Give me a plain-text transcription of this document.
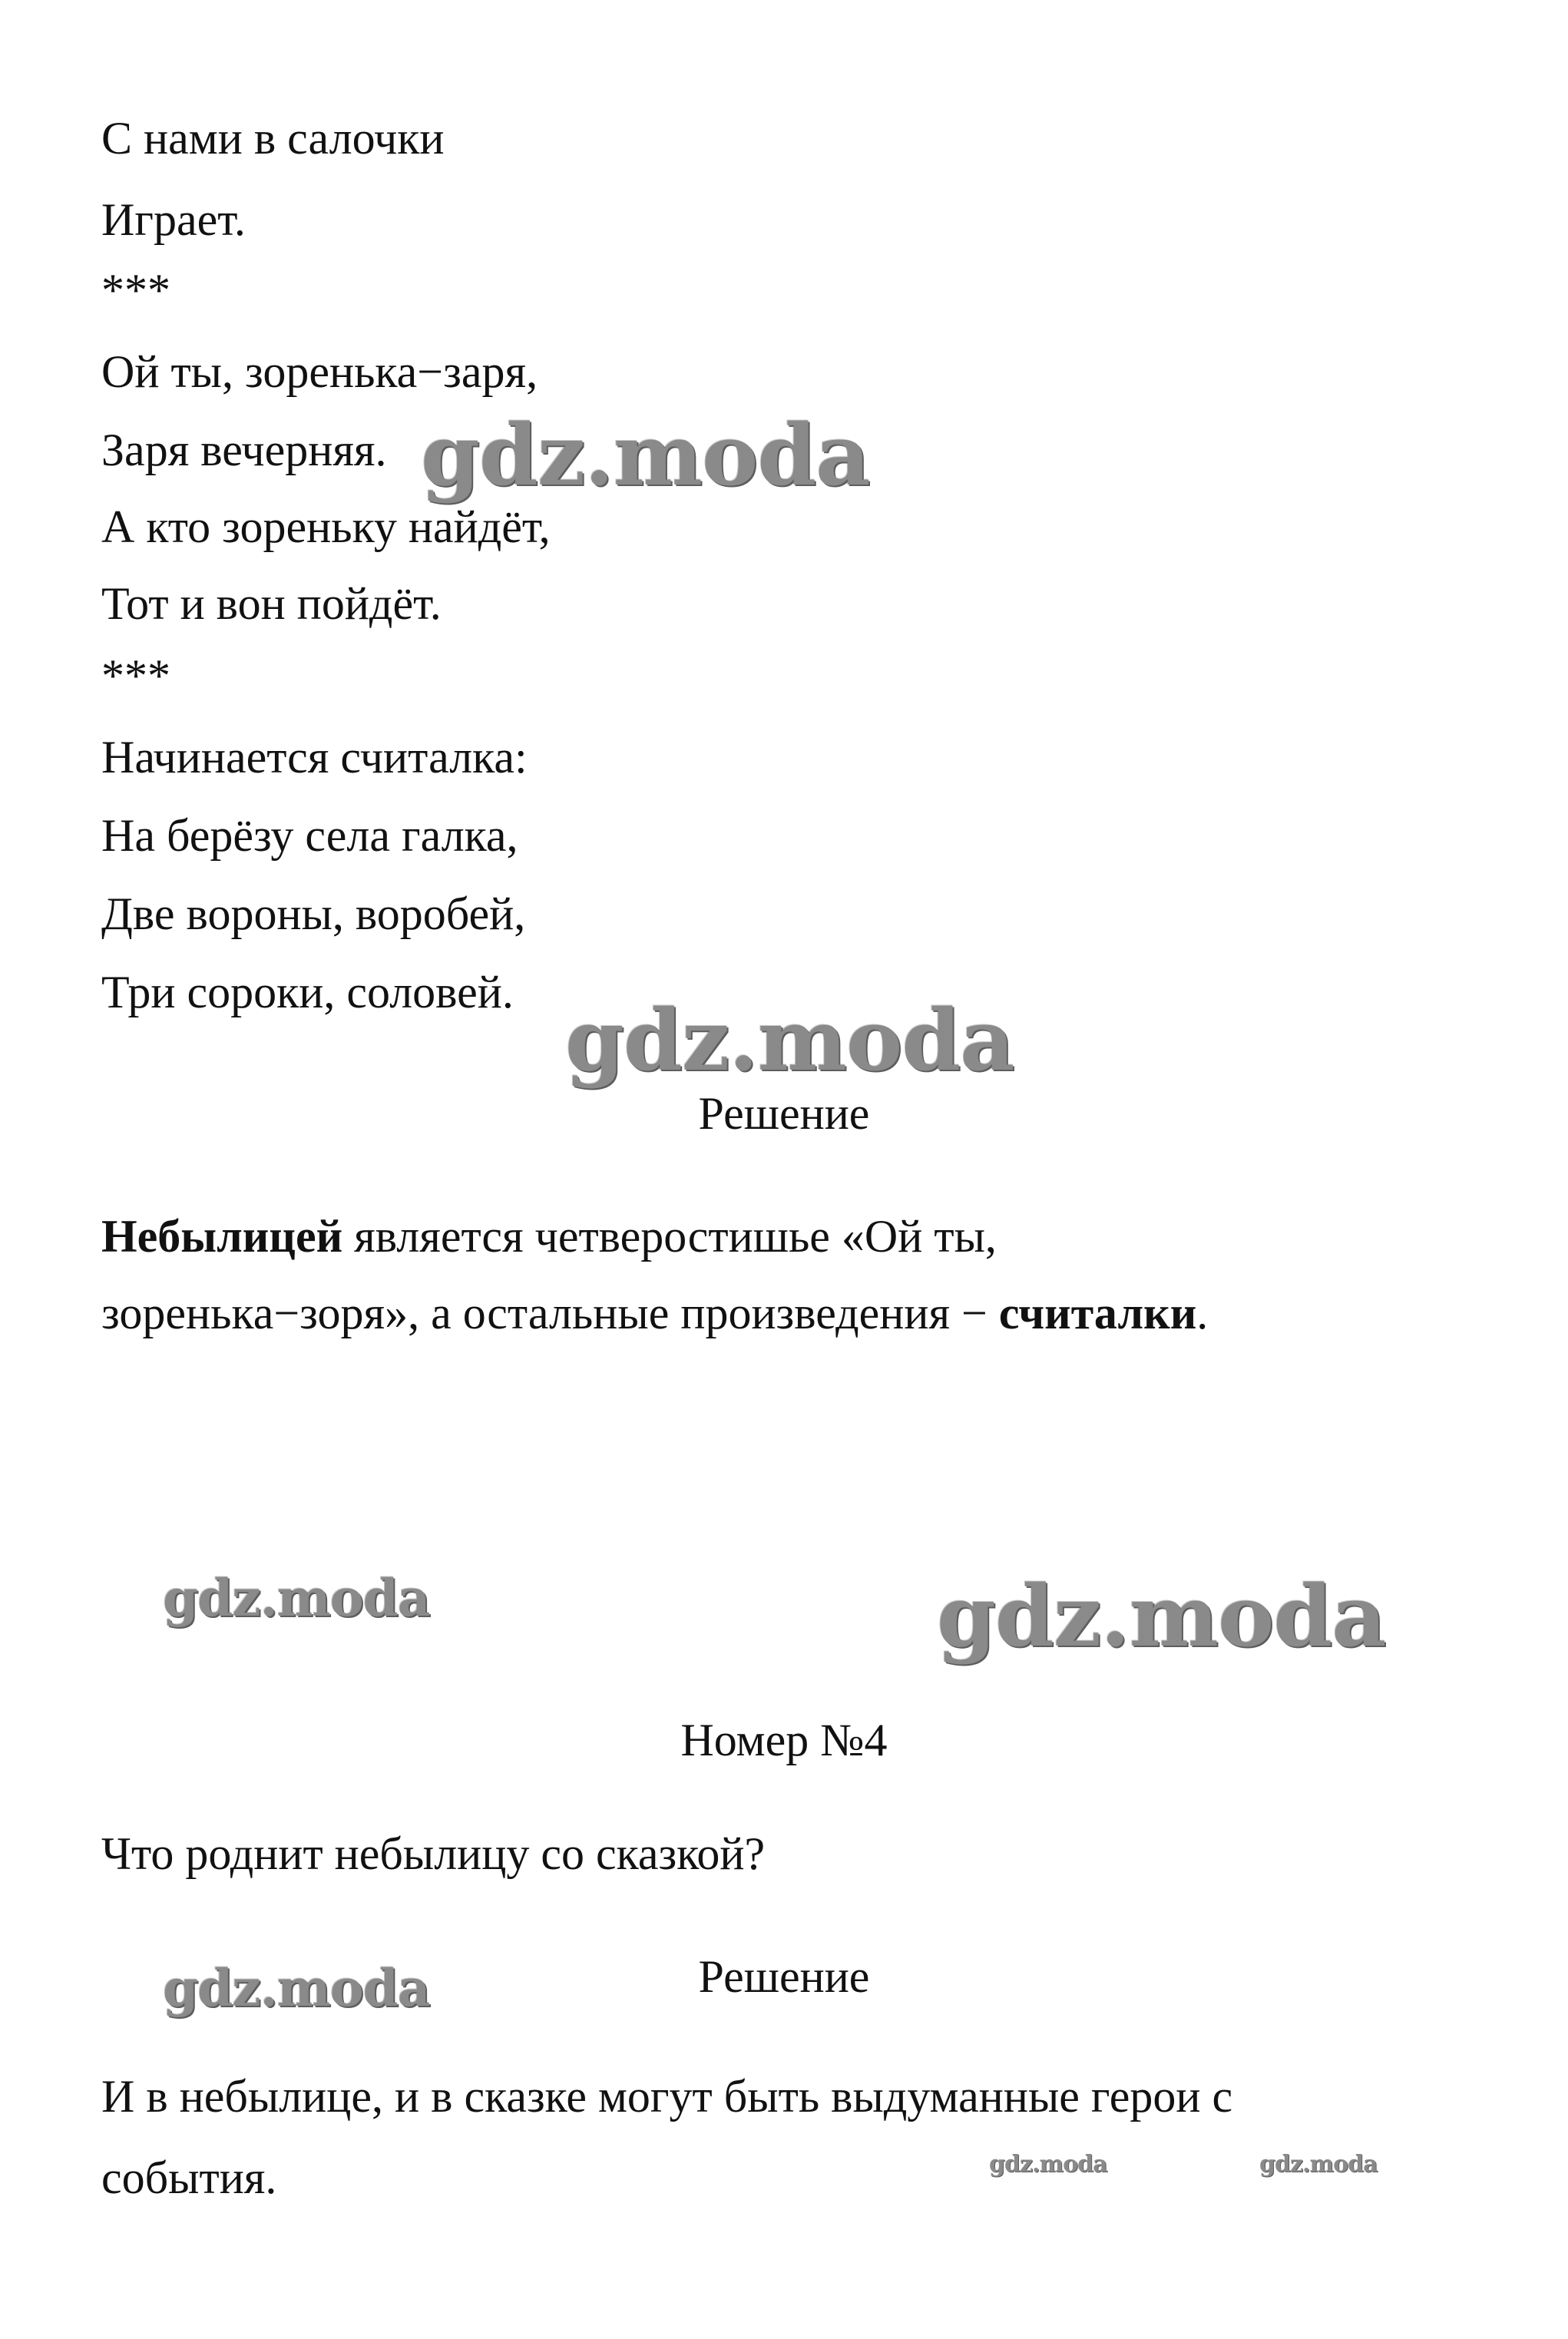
С нами в салочки
Играет.
***
Ой ты, зоренька−заря,
Заря вечерняя.
А кто зореньку найдёт,
Тот и вон пойдёт.
***
Начинается считалка:
На берёзу села галка,
Две вороны, воробей,
Три сороки, соловей.
Решение
Небылицей является четверостишье «Ой ты,
зоренька−зоря», а остальные произведения − считалки.
Номер №4
Что роднит небылицу со сказкой?
Решение
И в небылице, и в сказке могут быть выдуманные герои с
события.
gdz.moda
gdz.moda
gdz.moda	gdz.moda
gdz.moda
gdz.moda	gdz.moda
